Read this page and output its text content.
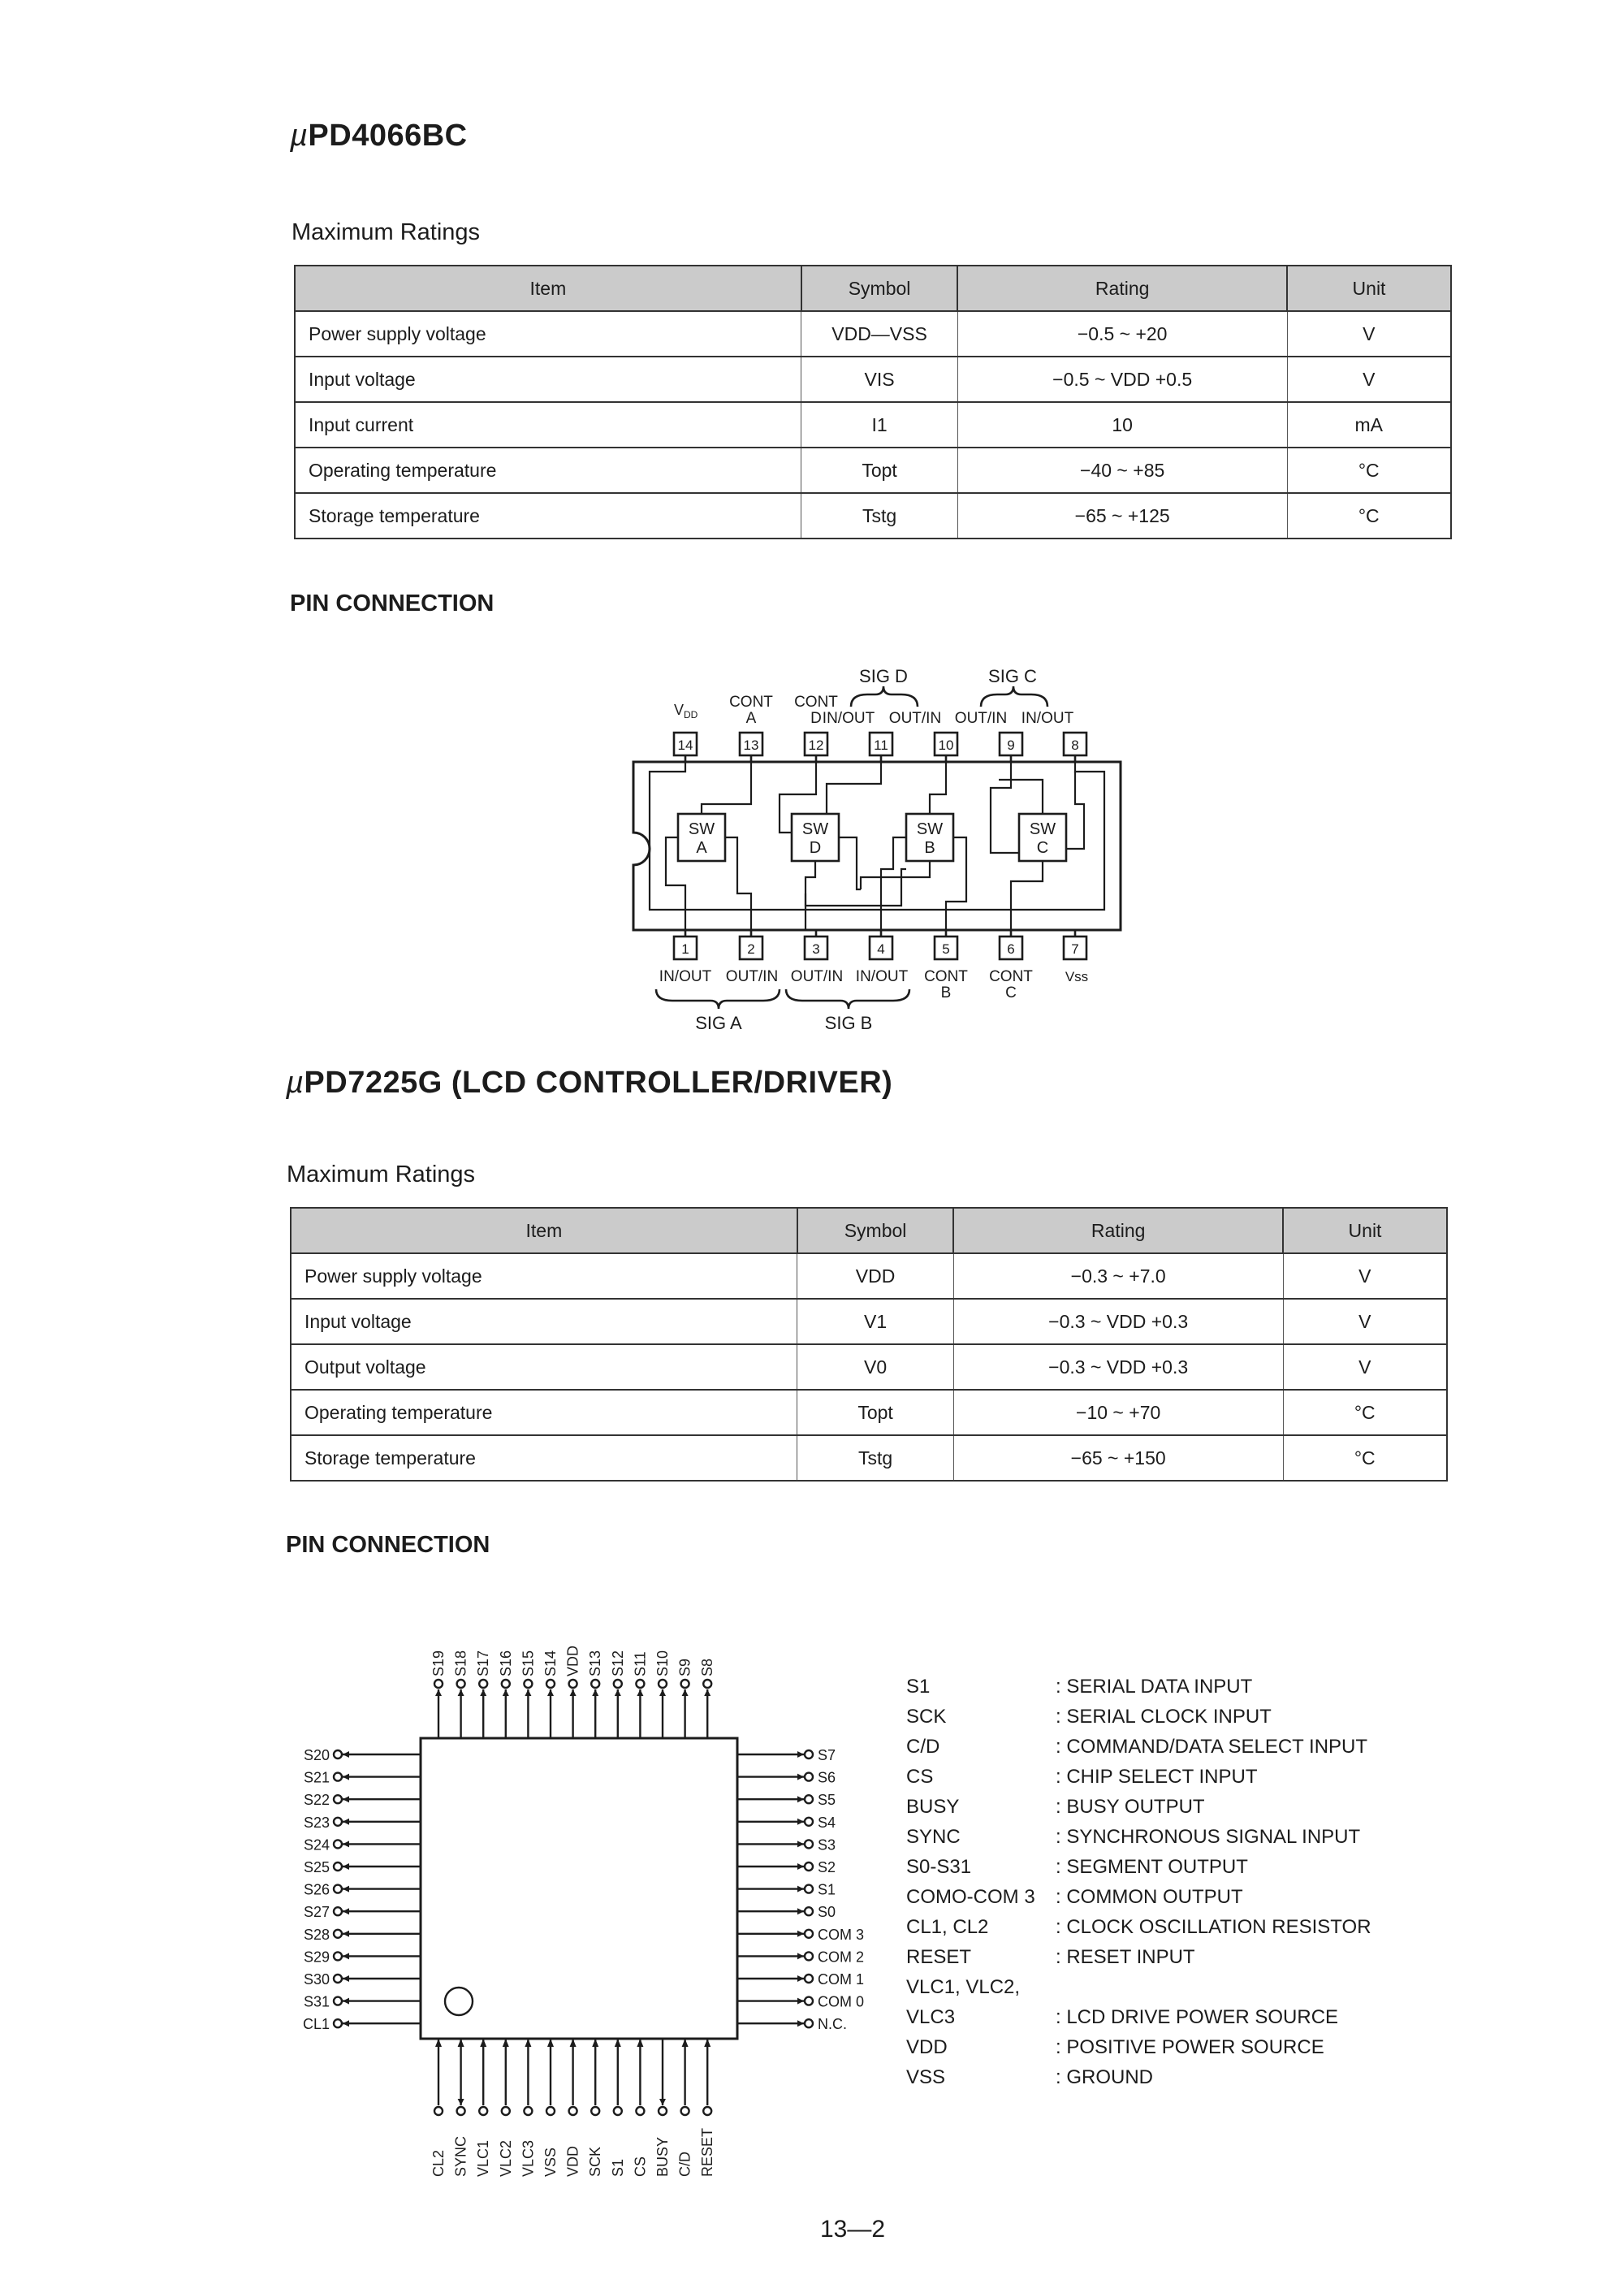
µPD4066BC
Maximum Ratings
Item	Symbol	Rating	Unit
Power supply voltage	VDD—VSS	−0.5 ~ +20	V
Input voltage	VIS	−0.5 ~ VDD +0.5	V
Input current	I1	10	mA
Operating temperature	Topt	−40 ~ +85	°C
Storage temperature	Tstg	−65 ~ +125	°C
PIN CONNECTION
$V_{DD}$
CONT A
CONT D
SIG D	SIG C
IN/OUT OUT/IN OUT/IN IN/OUT
14	13	12	11	10	9	8
1	2	3	4	5	6	7
SW
A
SW
D
SW
B
SW
C
IN/OUT OUT/IN OUT/IN IN/OUT CONT B
CONT C
Vss
SIG A	SIG B
µPD7225G (LCD CONTROLLER/DRIVER)
Maximum Ratings
Item	Symbol	Rating	Unit
Power supply voltage	VDD	−0.3 ~ +7.0	V
Input voltage	V1	−0.3 ~ VDD +0.3	V
Output voltage	V0	−0.3 ~ VDD +0.3	V
Operating temperature	Topt	−10 ~ +70	°C
Storage temperature	Tstg	−65 ~ +150	°C
PIN CONNECTION
S19 S18 S17 S16 S15 S14 VDD S13 S12 S11 S10 S9 S8
CL2 SYNC VLC1 VLC2 VLC3 VSS VDD SCK S1 CS BUSY C/D RESET
S20
S21
S22
S23
S24
S25
S26
S27
S28
S29
S30
S31
CL1
S7
S6
S5
S4
S3
S2
S1
S0
COM 3
COM 2
COM 1
COM 0
N.C.
S1	: SERIAL DATA INPUT
SCK	: SERIAL CLOCK INPUT
C/D	: COMMAND/DATA SELECT INPUT
CS	: CHIP SELECT INPUT
BUSY	: BUSY OUTPUT
SYNC	: SYNCHRONOUS SIGNAL INPUT
S0-S31	: SEGMENT OUTPUT
COMO-COM 3	: COMMON OUTPUT
CL1, CL2	: CLOCK OSCILLATION RESISTOR
RESET	: RESET INPUT
VLC1, VLC2,
VLC3	: LCD DRIVE POWER SOURCE
VDD	: POSITIVE POWER SOURCE
VSS	: GROUND
13—2
